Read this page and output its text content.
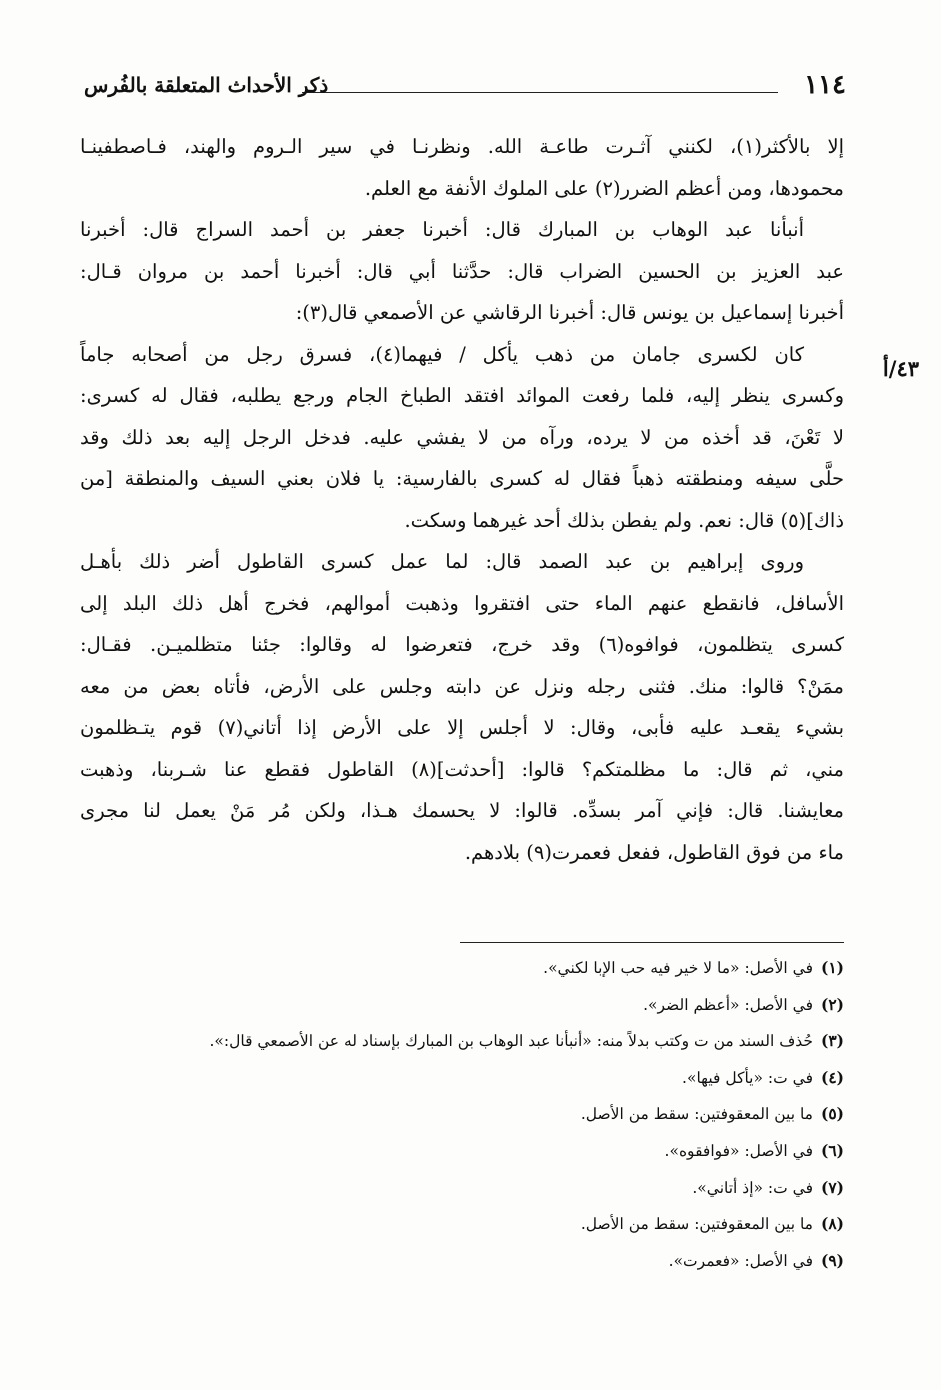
١١٤
ذكر الأحداث المتعلقة بالفُرس
٤٣/أ

إلا بالأكثر(١)، لكنني آثـرت طاعـة الله. ونظرنـا في سير الـروم والهند، فـاصطفينـا
محمودها، ومن أعظم الضرر(٢) على الملوك الأنفة مع العلم.

أنبأنا عبد الوهاب بن المبارك قال: أخبرنا جعفر بن أحمد السراج قال: أخبرنا
عبد العزيز بن الحسين الضراب قال: حدَّثنا أبي قال: أخبرنا أحمد بن مروان قـال:
أخبرنا إسماعيل بن يونس قال: أخبرنا الرقاشي عن الأصمعي قال(٣):

كان لكسرى جامان من ذهب يأكل / فيهما(٤)، فسرق رجل من أصحابه جاماً
وكسرى ينظر إليه، فلما رفعت الموائد افتقد الطباخ الجام ورجع يطلبه، فقال له كسرى:
لا تَعْنَ، قد أخذه من لا يرده، ورآه من لا يفشي عليه. فدخل الرجل إليه بعد ذلك وقد
حلَّى سيفه ومنطقته ذهباً فقال له كسرى بالفارسية: يا فلان بعني السيف والمنطقة [من
ذاك](٥) قال: نعم. ولم يفطن بذلك أحد غيرهما وسكت.

وروى إبراهيم بن عبد الصمد قال: لما عمل كسرى القاطول أضر ذلك بأهـل
الأسافل، فانقطع عنهم الماء حتى افتقروا وذهبت أموالهم، فخرج أهل ذلك البلد إلى
كسرى يتظلمون، فوافوه(٦) وقد خرج، فتعرضوا له وقالوا: جئنا متظلميـن. فقـال:
ممَنْ؟ قالوا: منك. فثنى رجله ونزل عن دابته وجلس على الأرض، فأتاه بعض من معه
بشيء يقعـد عليه فأبى، وقال: لا أجلس إلا على الأرض إذا أتاني(٧) قوم يتـظلمون
مني، ثم قال: ما مظلمتكم؟ قالوا: [أحدثت](٨) القاطول فقطع عنا شـربنا، وذهبت
معايشنا. قال: فإني آمر بسدِّه. قالوا: لا يحسمك هـذا، ولكن مُر مَنْ يعمل لنا مجرى
ماء من فوق القاطول، ففعل فعمرت(٩) بلادهم.

(١)في الأصل: «ما لا خير فيه حب الإبا لكني».
(٢)في الأصل: «أعظم الضر».
(٣)حُذف السند من ت وكتب بدلاً منه: «أنبأنا عبد الوهاب بن المبارك بإسناد له عن الأصمعي قال:».
(٤)في ت: «يأكل فيها».
(٥)ما بين المعقوفتين: سقط من الأصل.
(٦)في الأصل: «فوافقوه».
(٧)في ت: «إذ أتاني».
(٨)ما بين المعقوفتين: سقط من الأصل.
(٩)في الأصل: «فعمرت».
